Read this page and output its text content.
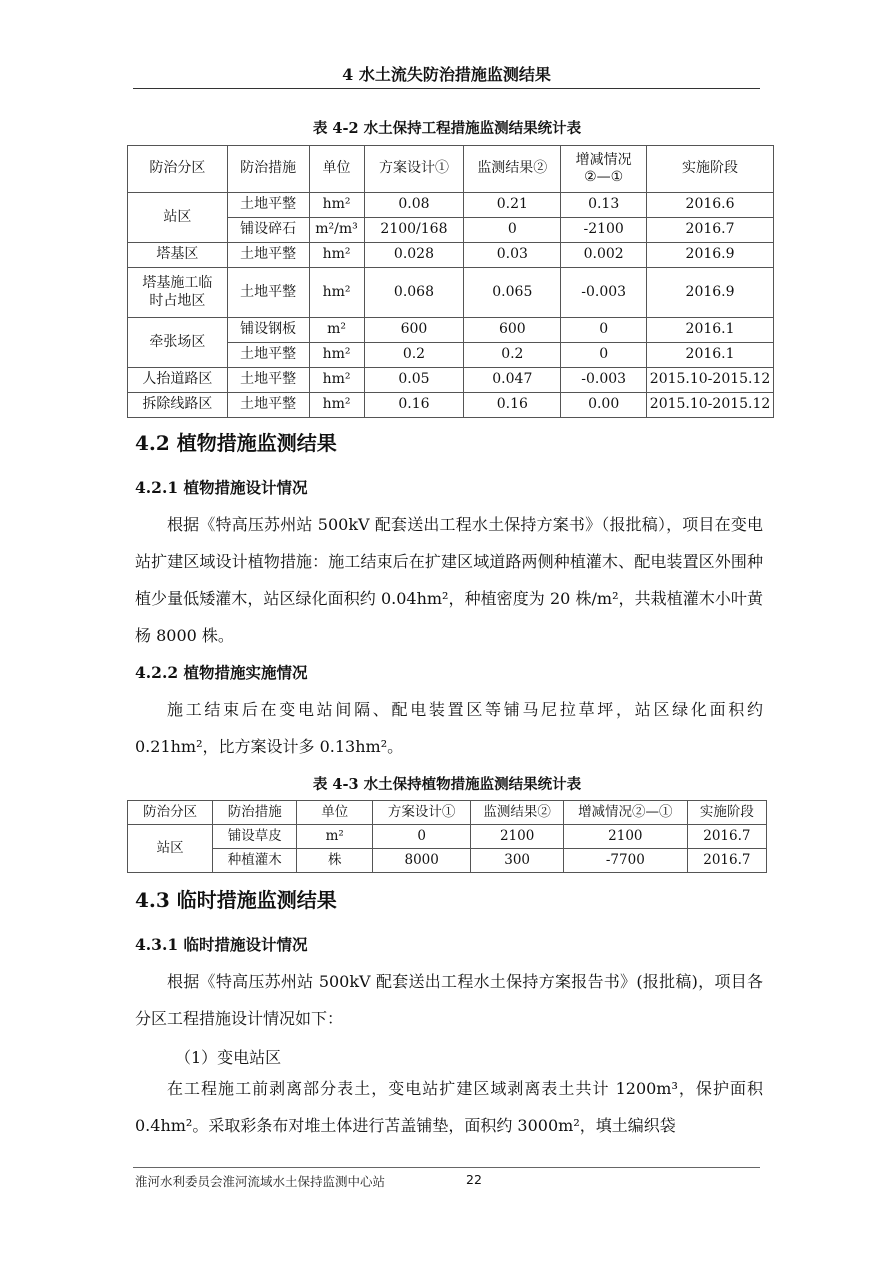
4 水土流失防治措施监测结果
表 4-2 水土保持工程措施监测结果统计表
防治分区	防治措施	单位	方案设计①	监测结果②	增减情况
②—①	实施阶段
站区	土地平整	hm²	0.08	0.21	0.13	2016.6
	铺设碎石	m²/m³	2100/168	0	-2100	2016.7
塔基区	土地平整	hm²	0.028	0.03	0.002	2016.9
塔基施工临
时占地区	土地平整	hm²	0.068	0.065	-0.003	2016.9
牵张场区	铺设钢板	m²	600	600	0	2016.1
	土地平整	hm²	0.2	0.2	0	2016.1
人抬道路区	土地平整	hm²	0.05	0.047	-0.003	2015.10-2015.12
拆除线路区	土地平整	hm²	0.16	0.16	0.00	2015.10-2015.12
4.2 植物措施监测结果
4.2.1 植物措施设计情况

根据《特高压苏州站 500kV 配套送出工程水土保持方案书》（报批稿），项目在变电站扩建区域设计植物措施：施工结束后在扩建区域道路两侧种植灌木、配电装置区外围种植少量低矮灌木，站区绿化面积约 0.04hm²，种植密度为 20 株/m²，共栽植灌木小叶黄杨 8000 株。

4.2.2 植物措施实施情况

施工结束后在变电站间隔、配电装置区等铺马尼拉草坪，站区绿化面积约 0.21hm²，比方案设计多 0.13hm²。

表 4-3 水土保持植物措施监测结果统计表
防治分区	防治措施	单位	方案设计①	监测结果②	增减情况②—①	实施阶段
站区	铺设草皮	m²	0	2100	2100	2016.7
	种植灌木	株	8000	300	-7700	2016.7
4.3 临时措施监测结果
4.3.1 临时措施设计情况

根据《特高压苏州站 500kV 配套送出工程水土保持方案报告书》(报批稿)，项目各分区工程措施设计情况如下：

（1）变电站区

在工程施工前剥离部分表土，变电站扩建区域剥离表土共计 1200m³，保护面积 0.4hm²。采取彩条布对堆土体进行苫盖铺垫，面积约 3000m²，填土编织袋

淮河水利委员会淮河流域水土保持监测中心站	22
